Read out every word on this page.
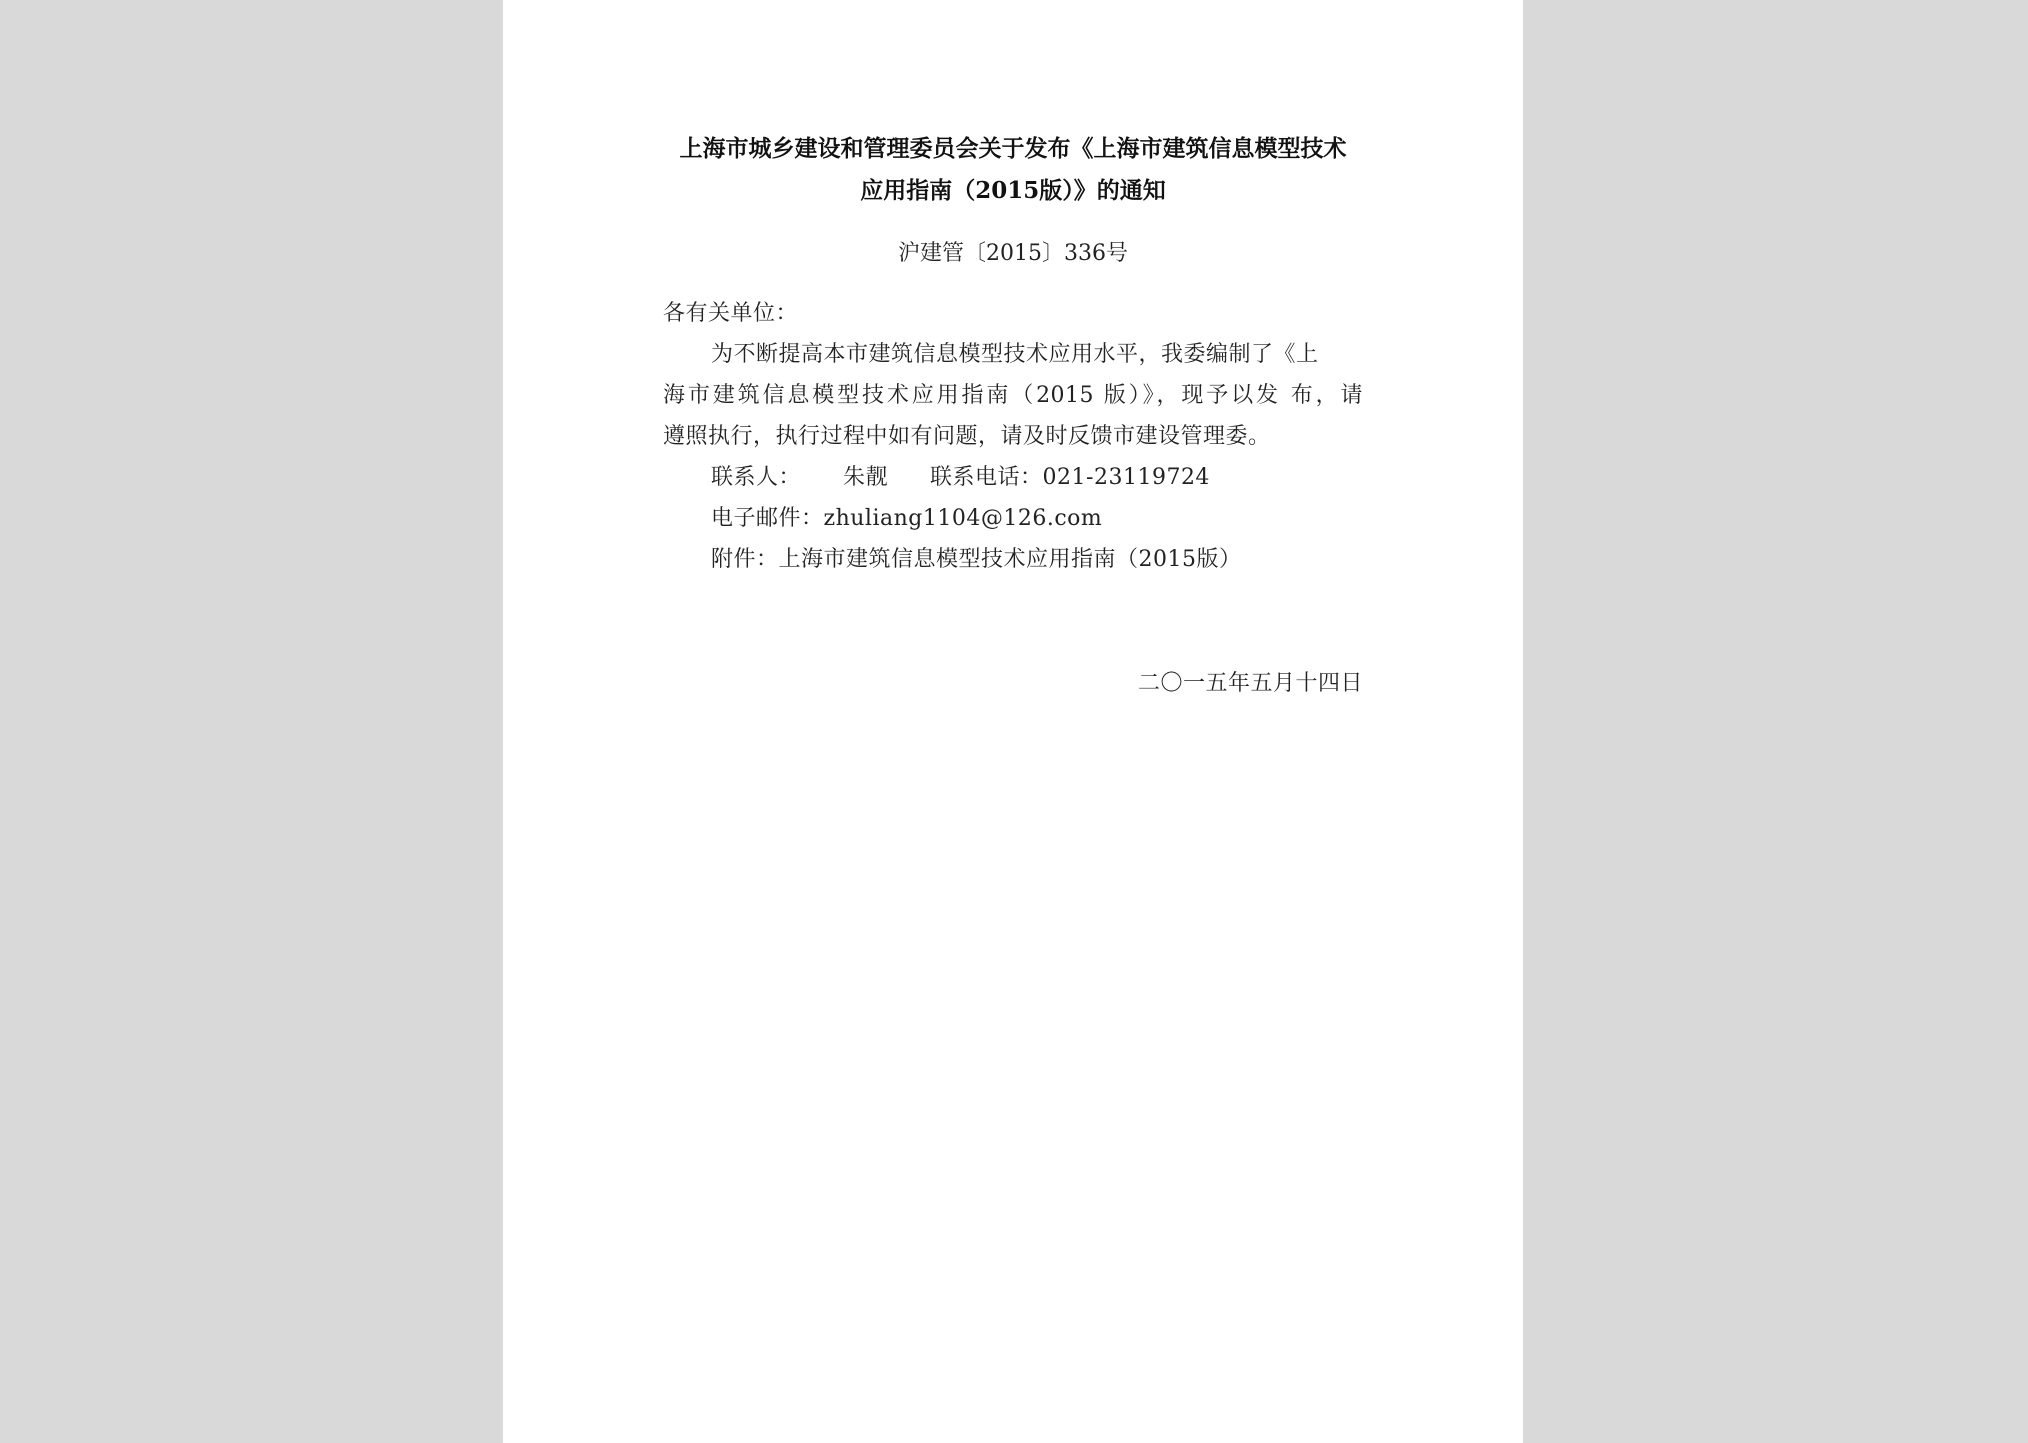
上海市城乡建设和管理委员会关于发布《上海市建筑信息模型技术
应用指南（2015版）》的通知
沪建管〔2015〕336号
各有关单位：
为不断提高本市建筑信息模型技术应用水平，我委编制了《上
海市建筑信息模型技术应用指南（2015 版）》，现予以发 布，请
遵照执行，执行过程中如有问题，请及时反馈市建设管理委。
联系人： 朱靓 联系电话：021-23119724
电子邮件：zhuliang1104@126.com
附件：上海市建筑信息模型技术应用指南（2015版）
二〇一五年五月十四日
